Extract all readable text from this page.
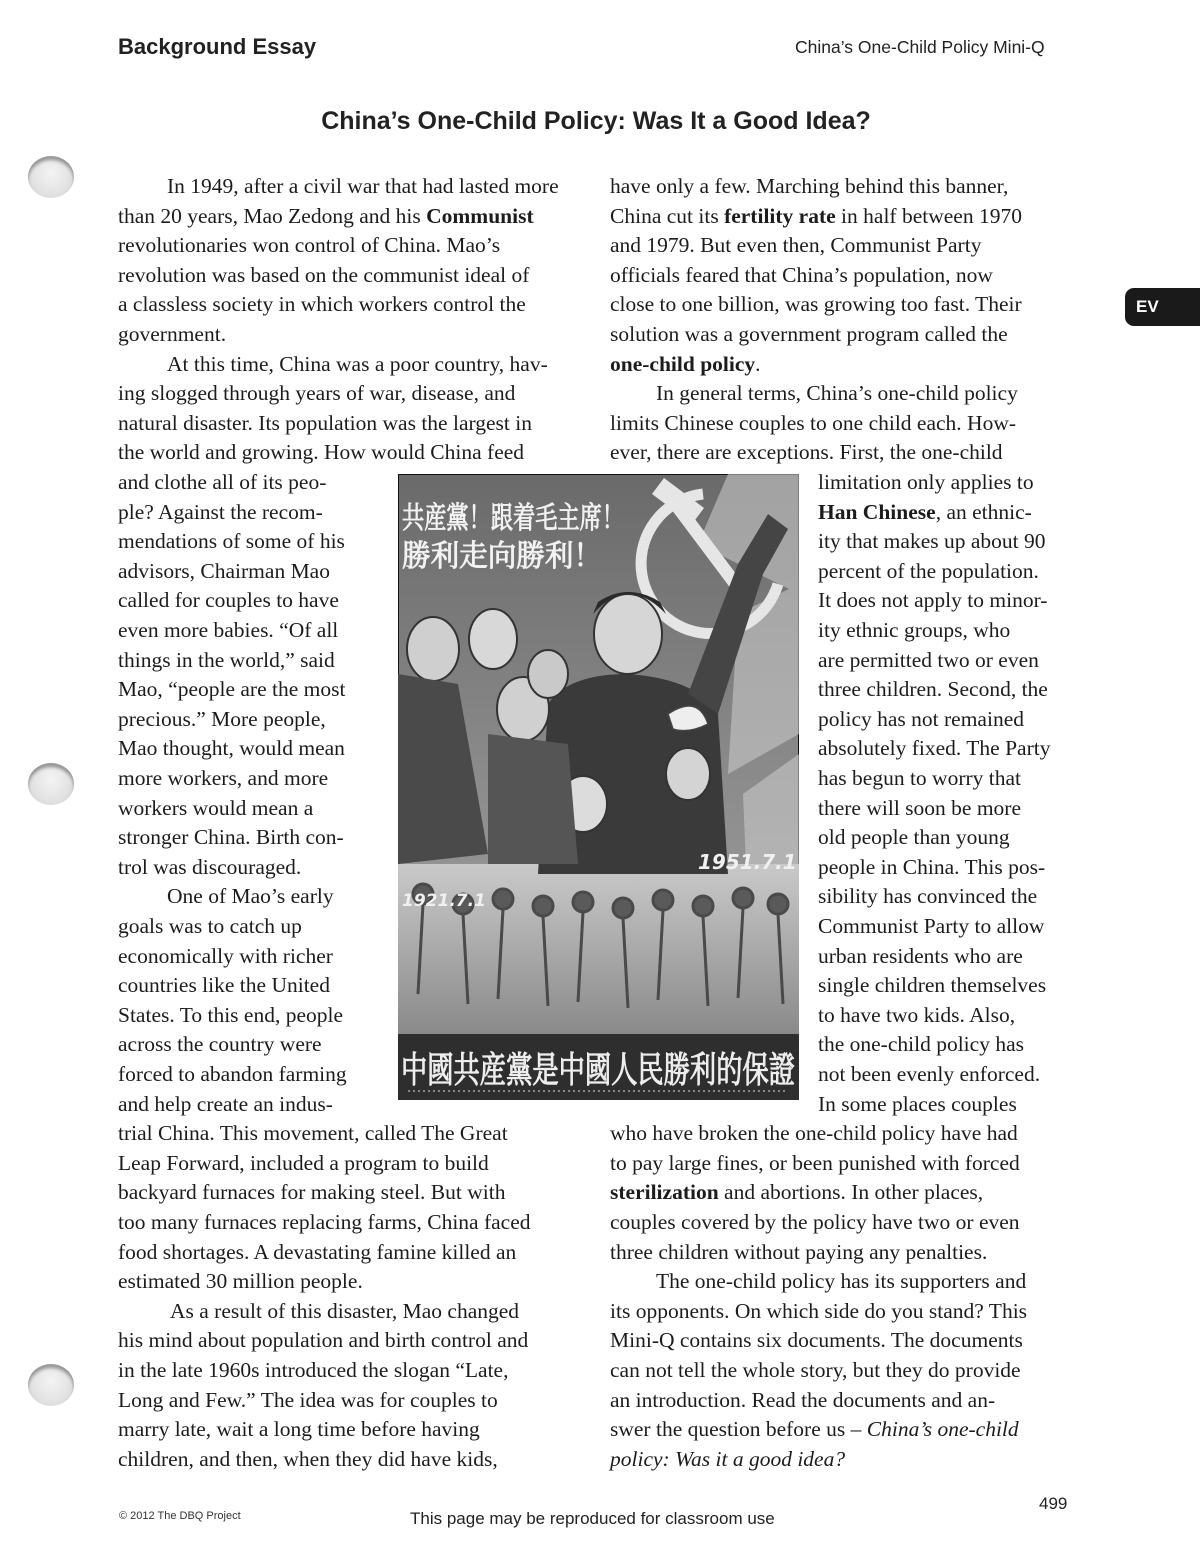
Background Essay	China’s One-Child Policy Mini-Q
China’s One-Child Policy: Was It a Good Idea?
EV
In 1949, after a civil war that had lasted more
than 20 years, Mao Zedong and his Communist
revolutionaries won control of China. Mao’s
revolution was based on the communist ideal of
a classless society in which workers control the
government.
At this time, China was a poor country, hav-
ing slogged through years of war, disease, and
natural disaster. Its population was the largest in
the world and growing. How would China feed
and clothe all of its peo-
ple? Against the recom-
mendations of some of his
advisors, Chairman Mao
called for couples to have
even more babies. “Of all
things in the world,” said
Mao, “people are the most
precious.” More people,
Mao thought, would mean
more workers, and more
workers would mean a
stronger China. Birth con-
trol was discouraged.
One of Mao’s early
goals was to catch up
economically with richer
countries like the United
States. To this end, people
across the country were
forced to abandon farming
and help create an indus-
trial China. This movement, called The Great
Leap Forward, included a program to build
backyard furnaces for making steel. But with
too many furnaces replacing farms, China faced
food shortages. A devastating famine killed an
estimated 30 million people.
As a result of this disaster, Mao changed
his mind about population and birth control and
in the late 1960s introduced the slogan “Late,
Long and Few.” The idea was for couples to
marry late, wait a long time before having
children, and then, when they did have kids,
have only a few. Marching behind this banner,
China cut its fertility rate in half between 1970
and 1979. But even then, Communist Party
officials feared that China’s population, now
close to one billion, was growing too fast. Their
solution was a government program called the
one-child policy.
In general terms, China’s one-child policy
limits Chinese couples to one child each. How-
ever, there are exceptions. First, the one-child
limitation only applies to
Han Chinese, an ethnic-
ity that makes up about 90
percent of the population.
It does not apply to minor-
ity ethnic groups, who
are permitted two or even
three children. Second, the
policy has not remained
absolutely fixed. The Party
has begun to worry that
there will soon be more
old people than young
people in China. This pos-
sibility has convinced the
Communist Party to allow
urban residents who are
single children themselves
to have two kids. Also,
the one-child policy has
not been evenly enforced.
In some places couples
who have broken the one-child policy have had
to pay large fines, or been punished with forced
sterilization and abortions. In other places,
couples covered by the policy have two or even
three children without paying any penalties.
The one-child policy has its supporters and
its opponents. On which side do you stand? This
Mini-Q contains six documents. The documents
can not tell the whole story, but they do provide
an introduction. Read the documents and an-
swer the question before us – China’s one-child
policy: Was it a good idea?
共産黨！跟着毛主席！
勝利走向勝利！
1951.7.1
1921.7.1
中國共産黨是中國人民勝利的保證
499
© 2012 The DBQ Project	This page may be reproduced for classroom use
